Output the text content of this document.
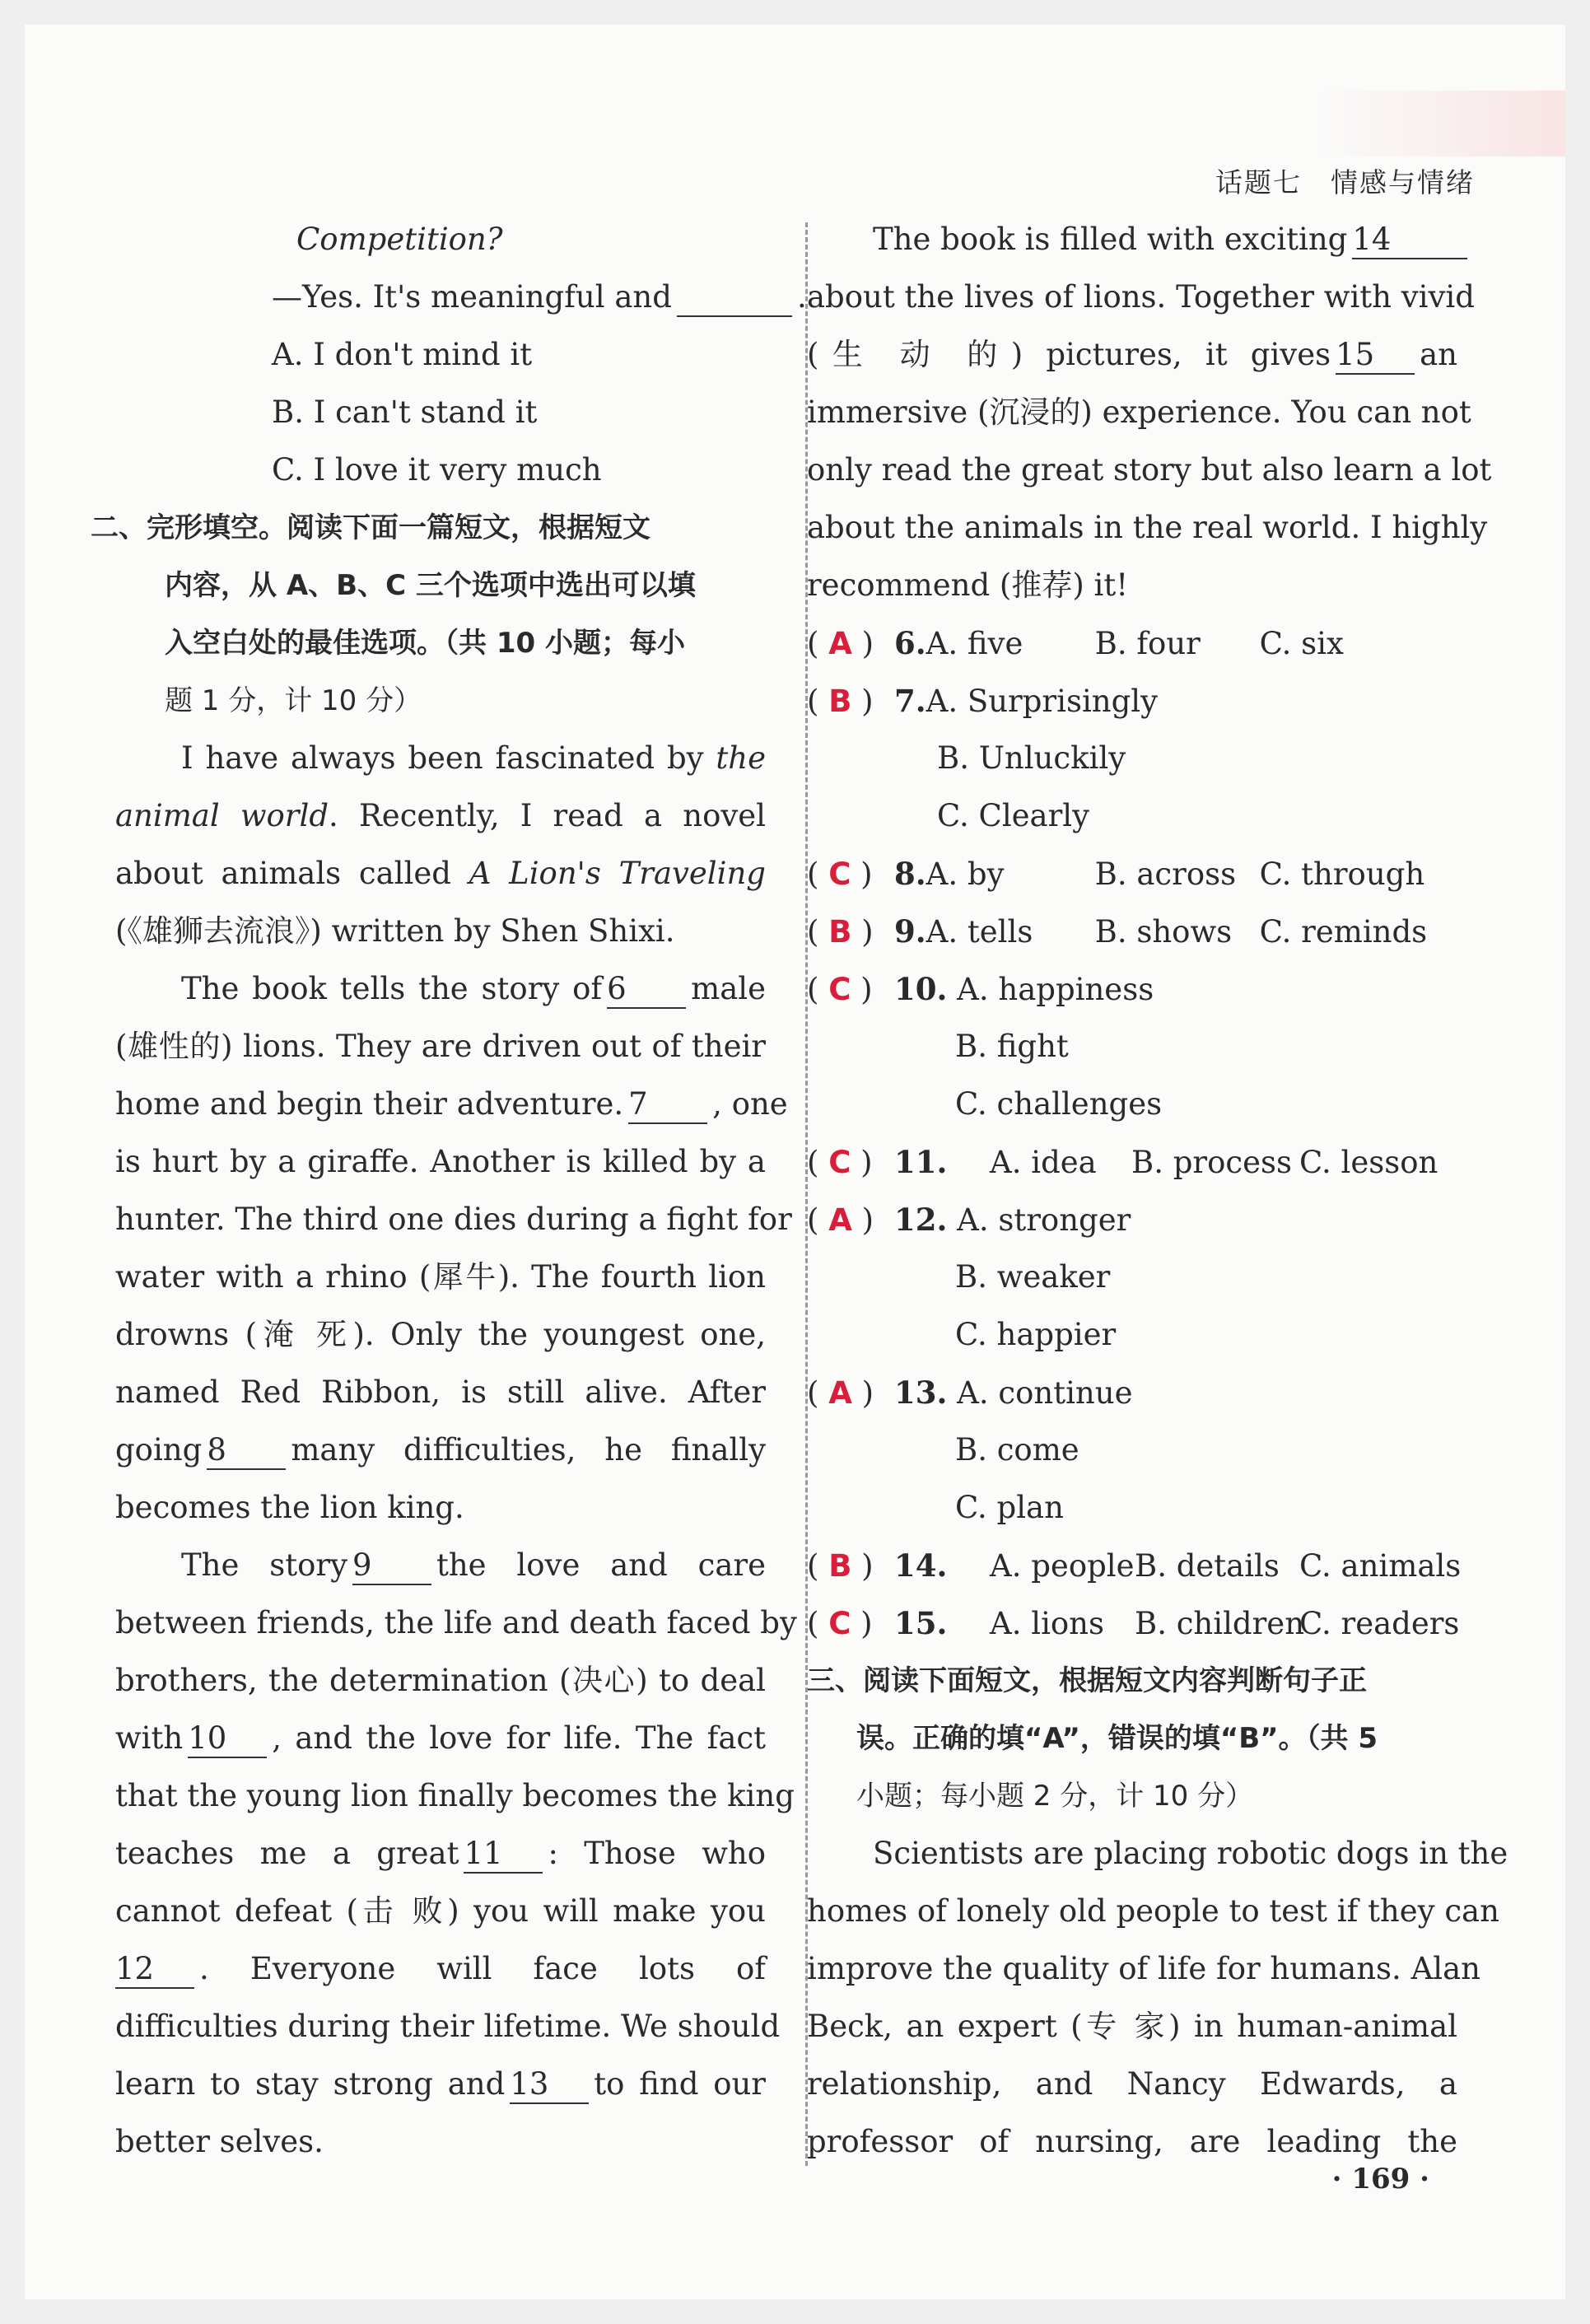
话题七　情感与情绪
Competition?
—Yes. It's meaningful and	.
A. I don't mind it
B. I can't stand it
C. I love it very much
二、完形填空。阅读下面一篇短文，根据短文
内容，从 A、B、C 三个选项中选出可以填
入空白处的最佳选项。（共 10 小题；每小
题 1 分，计 10 分）
I have always been fascinated by the
animal world. Recently, I read a novel
about animals called A Lion's Traveling
(《雄狮去流浪》) written by Shen Shixi.
The book tells the story of 6 male
(雄性的) lions. They are driven out of their
home and begin their adventure. 7 , one
is hurt by a giraffe. Another is killed by a
hunter. The third one dies during a fight for
water with a rhino (犀牛). The fourth lion
drowns (淹 死). Only the youngest one,
named Red Ribbon, is still alive. After
going 8 many difficulties, he finally
becomes the lion king.
The story 9 the love and care
between friends, the life and death faced by
brothers, the determination (决心) to deal
with 10 , and the love for life. The fact
that the young lion finally becomes the king
teaches me a great 11 : Those who
cannot defeat (击 败) you will make you
12 . Everyone will face lots of
difficulties during their lifetime. We should
learn to stay strong and 13 to find our
better selves.
The book is filled with exciting 14
about the lives of lions. Together with vivid
(生 动 的) pictures, it gives 15 an
immersive (沉浸的) experience. You can not
only read the great story but also learn a lot
about the animals in the real world. I highly
recommend (推荐) it!
( A ) 6.A. five B. four C. six
( B ) 7.A. Surprisingly
B. Unluckily
C. Clearly
( C ) 8.A. by	B. across C. through
( B ) 9.A. tells B. shows C. reminds
( C ) 10. A. happiness
B. fight
C. challenges
( C ) 11. A. idea B. process C. lesson
( A ) 12. A. stronger
B. weaker
C. happier
( A ) 13. A. continue
B. come
C. plan
( B ) 14. A. peopleB. details C. animals
( C ) 15. A. lions B. childrenC. readers
三、阅读下面短文，根据短文内容判断句子正
误。正确的填“A”，错误的填“B”。（共 5
小题；每小题 2 分，计 10 分）
Scientists are placing robotic dogs in the
homes of lonely old people to test if they can
improve the quality of life for humans. Alan
Beck, an expert (专 家) in human-animal
relationship, and Nancy Edwards, a
professor of nursing, are leading the
· 169 ·
